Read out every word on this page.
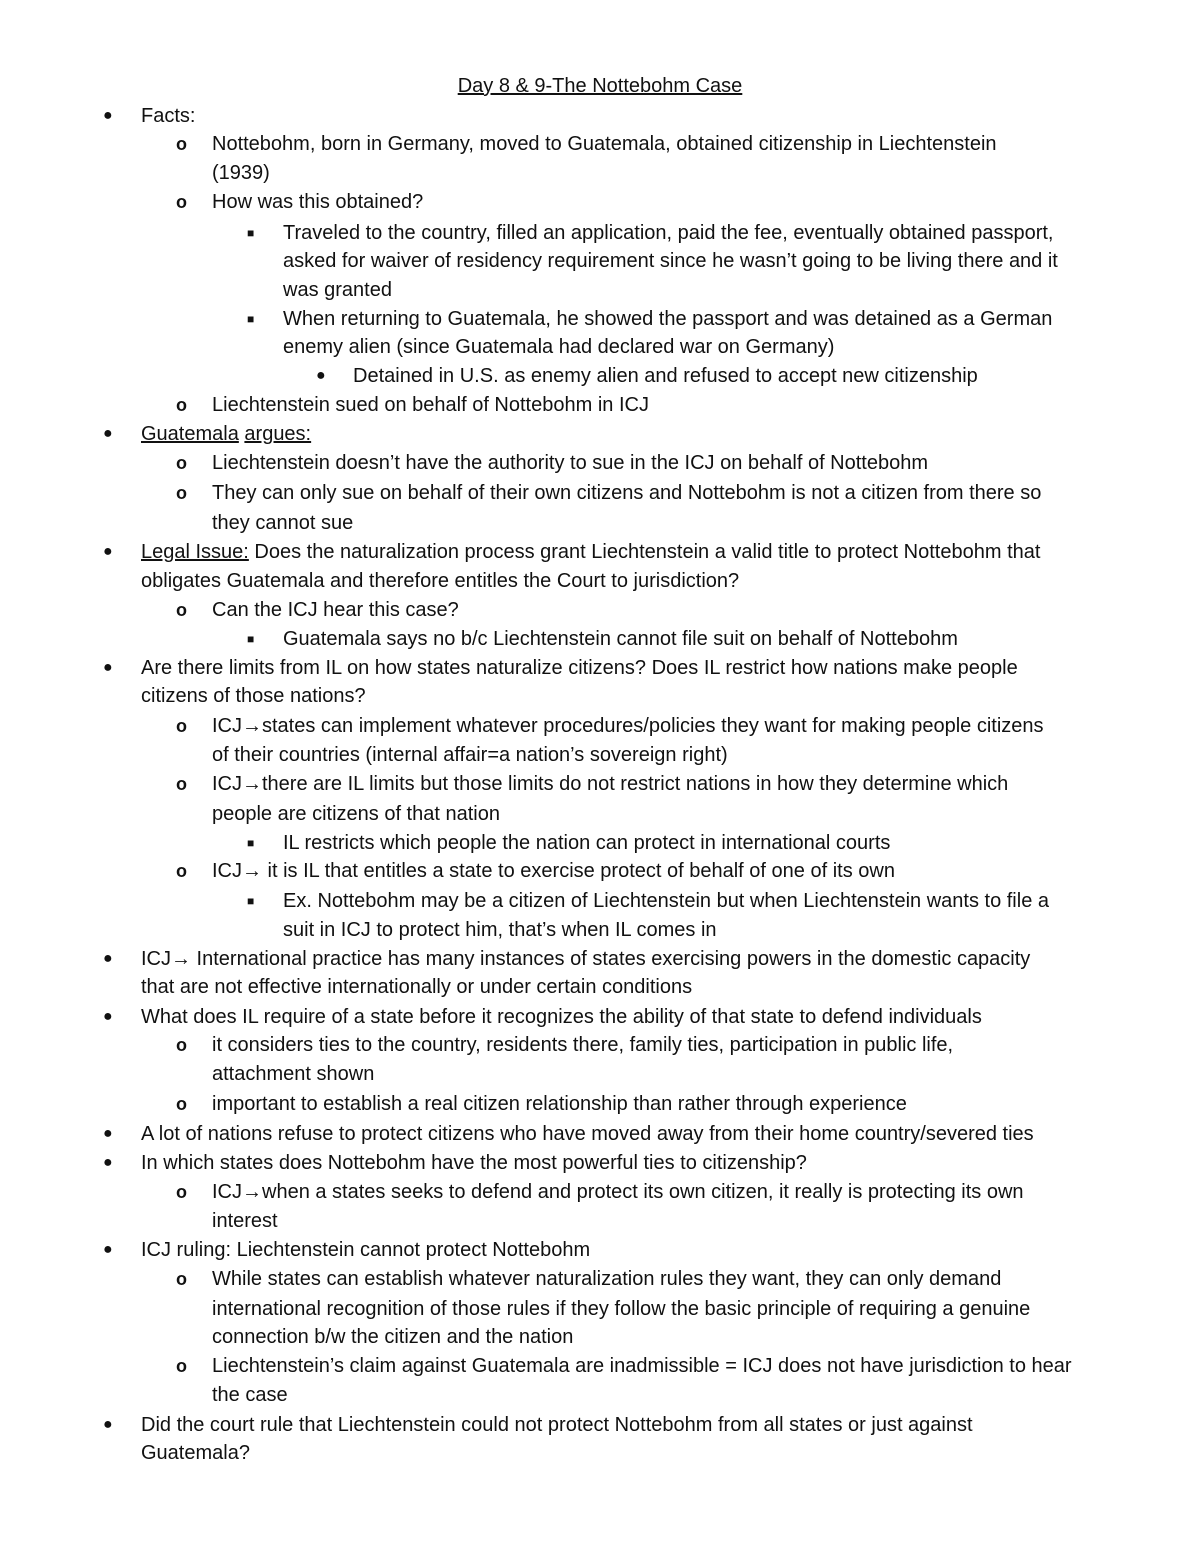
Day 8 & 9-The Nottebohm Case
● Facts:
o Nottebohm, born in Germany, moved to Guatemala, obtained citizenship in Liechtenstein
(1939)
o How was this obtained?
■ Traveled to the country, filled an application, paid the fee, eventually obtained passport,
asked for waiver of residency requirement since he wasn’t going to be living there and it
was granted
■ When returning to Guatemala, he showed the passport and was detained as a German
enemy alien (since Guatemala had declared war on Germany)
● Detained in U.S. as enemy alien and refused to accept new citizenship
o Liechtenstein sued on behalf of Nottebohm in ICJ
● Guatemala argues:
o Liechtenstein doesn’t have the authority to sue in the ICJ on behalf of Nottebohm
o They can only sue on behalf of their own citizens and Nottebohm is not a citizen from there so
they cannot sue
● Legal Issue: Does the naturalization process grant Liechtenstein a valid title to protect Nottebohm that
obligates Guatemala and therefore entitles the Court to jurisdiction?
o Can the ICJ hear this case?
■ Guatemala says no b/c Liechtenstein cannot file suit on behalf of Nottebohm
● Are there limits from IL on how states naturalize citizens? Does IL restrict how nations make people
citizens of those nations?
o ICJ→states can implement whatever procedures/policies they want for making people citizens
of their countries (internal affair=a nation’s sovereign right)
o ICJ→there are IL limits but those limits do not restrict nations in how they determine which
people are citizens of that nation
■ IL restricts which people the nation can protect in international courts
o ICJ→ it is IL that entitles a state to exercise protect of behalf of one of its own
■ Ex. Nottebohm may be a citizen of Liechtenstein but when Liechtenstein wants to file a
suit in ICJ to protect him, that’s when IL comes in
● ICJ→ International practice has many instances of states exercising powers in the domestic capacity
that are not effective internationally or under certain conditions
● What does IL require of a state before it recognizes the ability of that state to defend individuals
o it considers ties to the country, residents there, family ties, participation in public life,
attachment shown
o important to establish a real citizen relationship than rather through experience
● A lot of nations refuse to protect citizens who have moved away from their home country/severed ties
● In which states does Nottebohm have the most powerful ties to citizenship?
o ICJ→when a states seeks to defend and protect its own citizen, it really is protecting its own
interest
● ICJ ruling: Liechtenstein cannot protect Nottebohm
o While states can establish whatever naturalization rules they want, they can only demand
international recognition of those rules if they follow the basic principle of requiring a genuine
connection b/w the citizen and the nation
o Liechtenstein’s claim against Guatemala are inadmissible = ICJ does not have jurisdiction to hear
the case
● Did the court rule that Liechtenstein could not protect Nottebohm from all states or just against
Guatemala?
